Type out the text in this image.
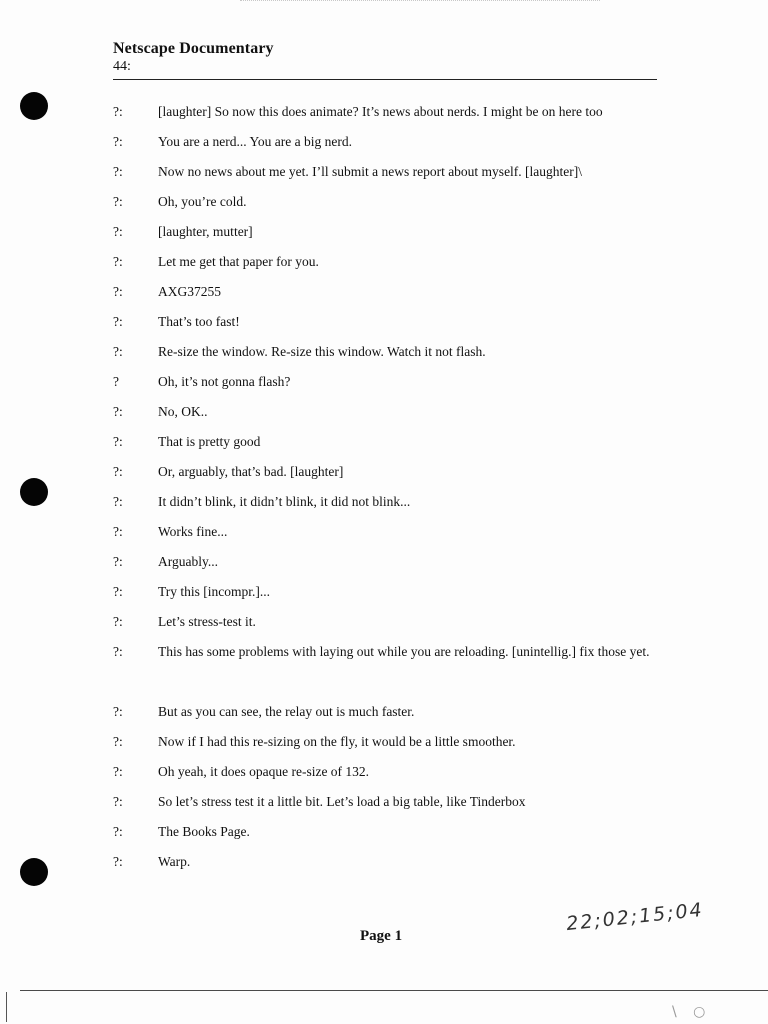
Netscape Documentary
44:
?:	[laughter] So now this does animate? It’s news about nerds. I might be on here too
?:	You are a nerd... You are a big nerd.
?:	Now no news about me yet. I’ll submit a news report about myself. [laughter]\
?:	Oh, you’re cold.
?:	[laughter, mutter]
?:	Let me get that paper for you.
?:	AXG37255
?:	That’s too fast!
?:	Re-size the window. Re-size this window. Watch it not flash.
?	Oh, it’s not gonna flash?
?:	No, OK..
?:	That is pretty good
?:	Or, arguably, that’s bad. [laughter]
?:	It didn’t blink, it didn’t blink, it did not blink...
?:	Works fine...
?:	Arguably...
?:	Try this [incompr.]...
?:	Let’s stress-test it.
?:	This has some problems with laying out while you are reloading. [unintellig.] fix those yet.
?:	But as you can see, the relay out is much faster.
?:	Now if I had this re-sizing on the fly, it would be a little smoother.
?:	Oh yeah, it does opaque re-size of 132.
?:	So let’s stress test it a little bit. Let’s load a big table, like Tinderbox
?:	The Books Page.
?:	Warp.
Page 1
22;02;15;04
\ ○
